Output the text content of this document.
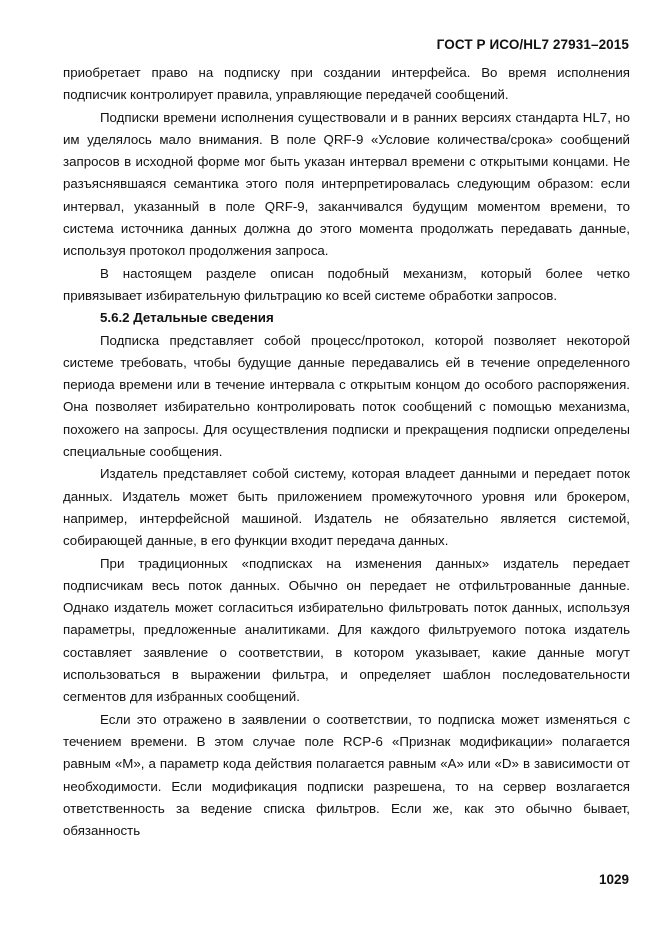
ГОСТ Р ИСО/HL7 27931–2015

приобретает право на подписку при создании интерфейса. Во время исполнения подписчик контролирует правила, управляющие передачей сообщений.

Подписки времени исполнения существовали и в ранних версиях стандарта HL7, но им уделялось мало внимания. В поле QRF-9 «Условие количества/срока» сообщений запросов в исходной форме мог быть указан интервал времени с открытыми концами. Не разъяснявшаяся семантика этого поля интерпретировалась следующим образом: если интервал, указанный в поле QRF-9, заканчивался будущим моментом времени, то система источника данных должна до этого момента продолжать передавать данные, используя протокол продолжения запроса.

В настоящем разделе описан подобный механизм, который более четко привязывает избирательную фильтрацию ко всей системе обработки запросов.

5.6.2 Детальные сведения

Подписка представляет собой процесс/протокол, которой позволяет некоторой системе требовать, чтобы будущие данные передавались ей в течение определенного периода времени или в течение интервала с открытым концом до особого распоряжения. Она позволяет избирательно контролировать поток сообщений с помощью механизма, похожего на запросы. Для осуществления подписки и прекращения подписки определены специальные сообщения.

Издатель представляет собой систему, которая владеет данными и передает поток данных. Издатель может быть приложением промежуточного уровня или брокером, например, интерфейсной машиной. Издатель не обязательно является системой, собирающей данные, в его функции входит передача данных.

При традиционных «подписках на изменения данных» издатель передает подписчикам весь поток данных. Обычно он передает не отфильтрованные данные. Однако издатель может согласиться избирательно фильтровать поток данных, используя параметры, предложенные аналитиками. Для каждого фильтруемого потока издатель составляет заявление о соответствии, в котором указывает, какие данные могут использоваться в выражении фильтра, и определяет шаблон последовательности сегментов для избранных сообщений.

Если это отражено в заявлении о соответствии, то подписка может изменяться с течением времени. В этом случае поле RCP-6 «Признак модификации» полагается равным «M», а параметр кода действия полагается равным «A» или «D» в зависимости от необходимости. Если модификация подписки разрешена, то на сервер возлагается ответственность за ведение списка фильтров. Если же, как это обычно бывает, обязанность

1029
